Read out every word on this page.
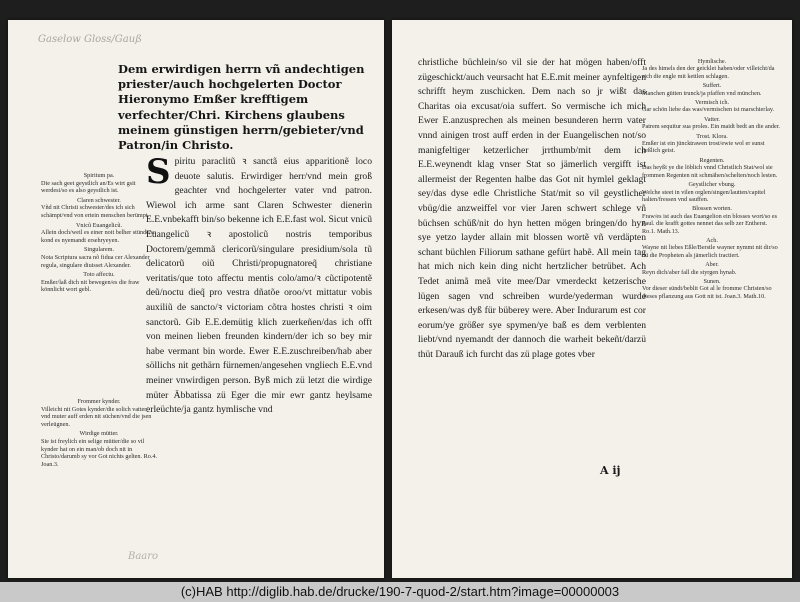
Gaselow Gloss/Gauß
Dem erwirdigen herrn vñ andechtigen priester/auch hochgelerten Doctor Hieronymo Emßer krefftigem verfechter/Chri. Kirchens glaubens meinem günstigen herrn/gebieter/vnd Patron/in Christo.
Spiritum pa.
Die sach geet geystlich an/Es wirt gsit werdesi/so es also geystlich ist.
Claren schwester.
Vñd nit Christi schwester/des ich sich schämpt/vnd von ertein menschen berümpt.
Vnicũ Euangelicũ.
Allein doch/weil es einer noit belher stünde/so kond es nyemandt ersehryeyen.
Singularem.
Nota Scriptura sacra nõ fidua cer Alexander regula, singulare diuisset Alexander.
Toto affectu.
Emßer/laß dich nit bewegen/es die fraw könnlicht wort gebl.
Frommer kynder.
Villeicht nit Gotes kynder/die solich vatter vnd muter auff erden nit süchen/vnd die jsen verleügnen.
Wirdige mütter.
Sie ist freylich ein selige mütter/die so vil kynder hat on ein man/ob doch nit in Christo/darumb sy vor Got nichts gelten. Ro.4. Joan.3.

Spiritu paraclitũ ꝛ sanctã eius apparitionẽ loco deuote salutis. Erwirdiger herr/vnd mein groß geachter vnd hochgelerter vater vnd patron. Wiewol ich arme sant Claren Schwester dienerin E.E.vnbekafft bin/so bekenne ich E.E.fast wol. Sicut vnicũ Euangelicũ ꝛ apostolicũ nostris temporibus Doctorem/gemmã clericorũ/singulare presidium/sola tũ delicatorũ oiũ Christi/propugnatoreq̃ christiane veritatis/que toto affectu mentis colo/amo/ꝛ cũctipotentẽ deũ/noctu dieq̃ pro vestra dñatõe oroo/vt mittatur vobis auxiliũ de sancto/ꝛ victoriam cõtra hostes christi ꝛ oim sanctorũ. Gib E.E.demütig klich zuerkeñen/das ich offt von meinen lieben freunden kindern/der ich so bey mir habe vermant bin worde. Ewer E.E.zuschreiben/hab aber söllichs nit gethärn fürnemen/angesehen vngliech E.E.vnd meiner vnwirdigen person. Byß mich zü letzt die wirdige müter Äbbatissa zü Eger die mir ewr gantz heylsame erleüchte/ja gantz hymlische vnd

Baaro

christliche büchlein/so vil sie der hat mögen haben/offt zügeschickt/auch veursacht hat E.E.mit meiner aynfeltigen schrifft heym zuschicken. Dem nach so jr wißt das Charitas oia excusat/oia suffert. So vermische ich mich Ewer E.anzusprechen als meinen besunderen herrn vater vnnd ainigen trost auff erden in der Euangelischen not/so manigfeltiger ketzerlicher jrrthumb/mit dem ich E.E.weynendt klag vnser Stat so jämerlich vergifft ist allermeist der Regenten halbe das Got nit hymlel geklagt sey/das dyse edle Christliche Stat/mit so vil geystlicher vbüg/die anzweiffel vor vier Jaren schwert schlege vñ büchsen schüß/nit do hyn hetten mögen bringen/do hyn sye yetzo layder allain mit blossen wortẽ vñ verdäpten schant büchlen Filiorum sathane gefürt habẽ. All mein tag hat mich nich kein ding nicht hertzlicher betrübet. Ach Tedet animã meã vite mee/Dar vmerdeckt ketzerische lügen sagen vnd schreiben wurde/yederman wurde erkesen/was dyß für büberey were. Aber Indurarum est cor eorum/ye größer sye spymen/ye baß es dem verblenten liebt/vnd nyemandt der dannoch die warheit bekeñt/darzü thüt Darauß ich furcht das zü plage gotes vber

A ij
Hymlische.
Ja des himels den der geicklet haben/oder villeicht/da sich die engle mit kettlen schlagen.
Suffert.
Manchen gütten trunck/ja pfaffen vnd münchen.
Vermisch ich.
Gar schön liebe das was/vermischen ist marschierlay.
Vatter.
Patrem sequitur sua proles. Ein maidt bedt an die ander.
Trost. Klora.
Emßer ist ein jüncktrawen trost/ewie wol er sunst peßlich geist.
Regenten.
Das heyßt ye die löblich vnnd Christlich Stat/wol sie frommen Regenten nit schmähen/schelten/noch lesten.
Geystlicher vbung.
Welche steet in vilen orglen/singen/lautten/capitel halten/fressen vnd sauffen.
Blossen worten.
Fraw/es ist auch das Euangelion ein blosses wort/so es Paul. die krafft gottes nennet das selb zer Entherst. Ro.1. Math.13.
Ach.
Wayne nit liebes Eßle/Berstle wayner nymmt nit dir/so dü die Propheten als jämerlich tractiert.
Aber.
Reyn dich/aber fall die styrgen hynab.
Sunen.
Vor dieser sündt/beblit Got al le fromme Christen/so dieses pflanzung aus Gott nit ist. Joan.3. Math.10.
(c)HAB http://diglib.hab.de/drucke/190-7-quod-2/start.htm?image=00000003
